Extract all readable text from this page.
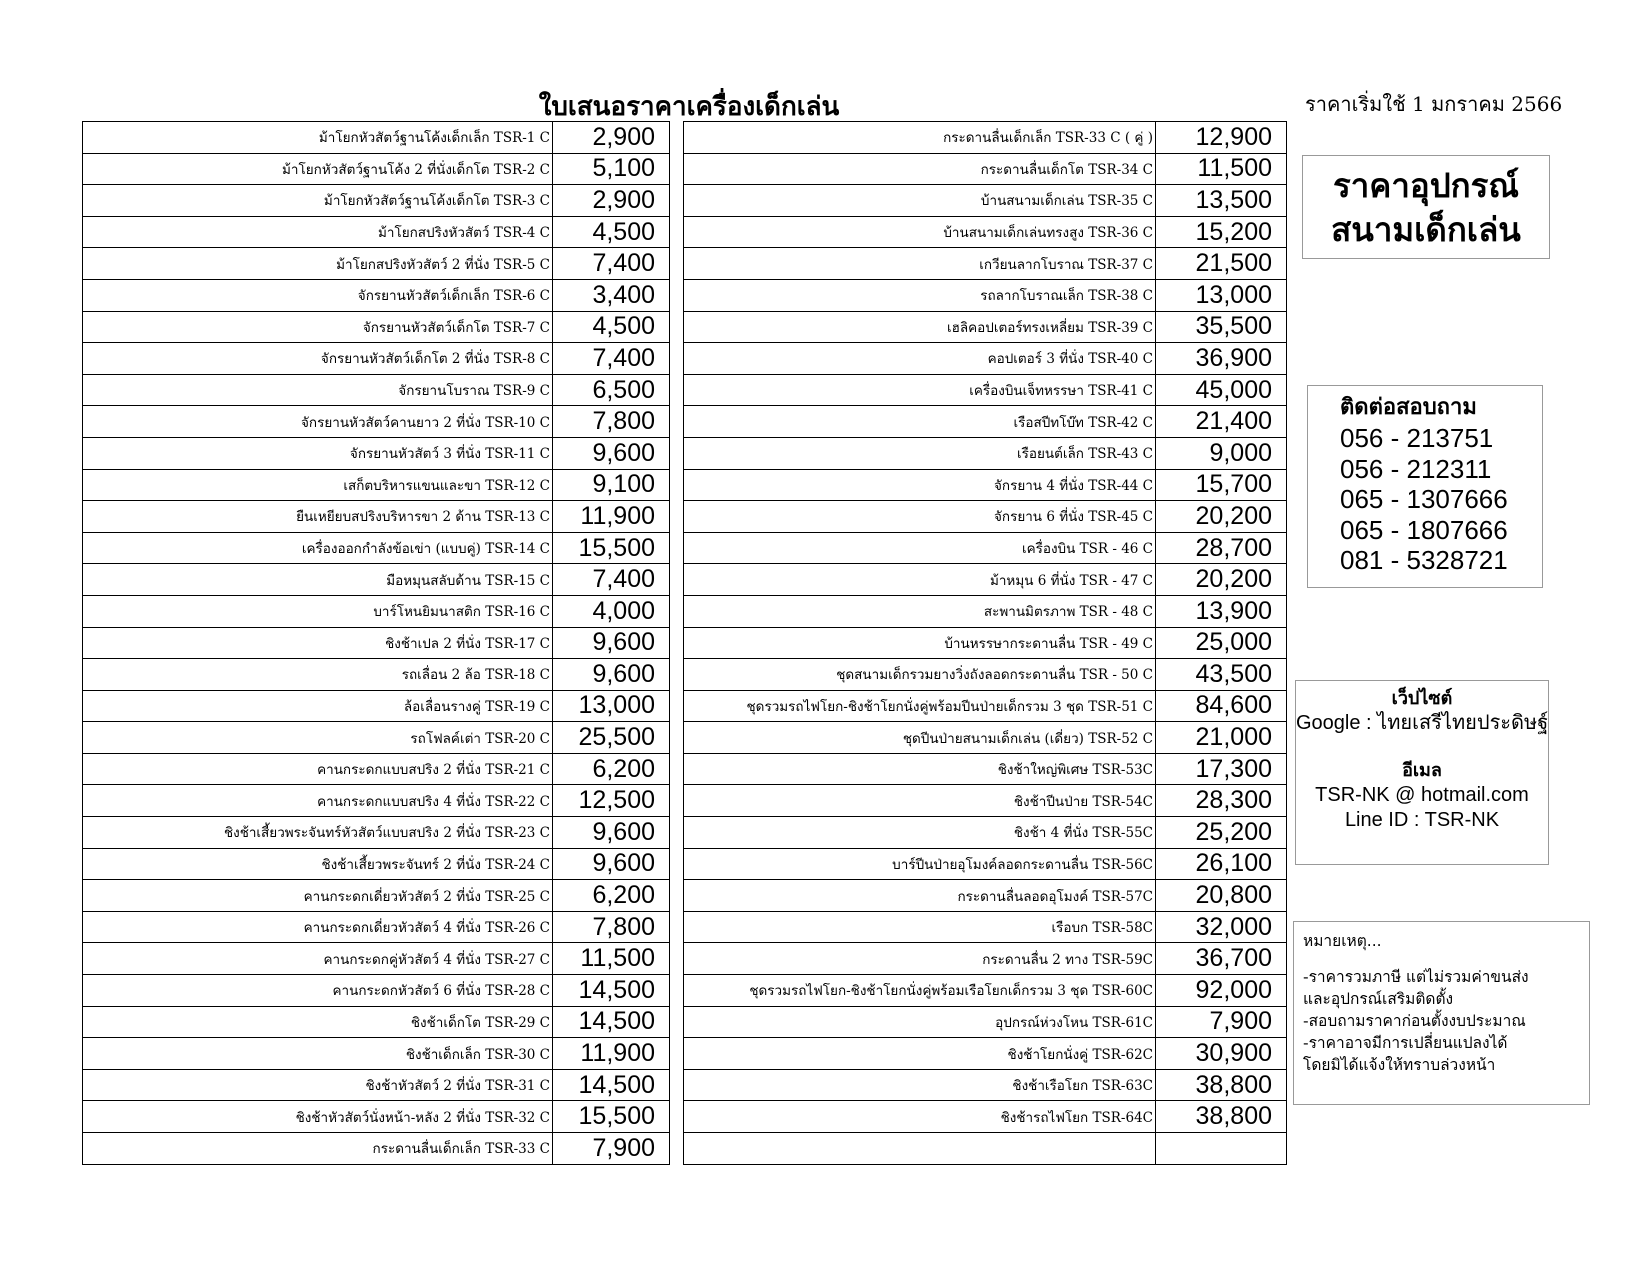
ใบเสนอราคาเครื่องเด็กเล่น	ราคาเริ่มใช้ 1 มกราคม 2566
ม้าโยกหัวสัตว์ฐานโค้งเด็กเล็ก TSR-1 C	2,900
ม้าโยกหัวสัตว์ฐานโค้ง 2 ที่นั่งเด็กโต TSR-2 C	5,100
ม้าโยกหัวสัตว์ฐานโค้งเด็กโต TSR-3 C	2,900
ม้าโยกสปริงหัวสัตว์ TSR-4 C	4,500
ม้าโยกสปริงหัวสัตว์ 2 ที่นั่ง TSR-5 C	7,400
จักรยานหัวสัตว์เด็กเล็ก TSR-6 C	3,400
จักรยานหัวสัตว์เด็กโต TSR-7 C	4,500
จักรยานหัวสัตว์เด็กโต 2 ที่นั่ง TSR-8 C	7,400
จักรยานโบราณ TSR-9 C	6,500
จักรยานหัวสัตว์คานยาว 2 ที่นั่ง TSR-10 C	7,800
จักรยานหัวสัตว์ 3 ที่นั่ง TSR-11 C	9,600
เสก็ตบริหารแขนและขา TSR-12 C	9,100
ยืนเหยียบสปริงบริหารขา 2 ด้าน TSR-13 C	11,900
เครื่องออกกำลังข้อเข่า (แบบคู่) TSR-14 C	15,500
มือหมุนสลับด้าน TSR-15 C	7,400
บาร์โหนยิมนาสติก TSR-16 C	4,000
ชิงช้าเปล 2 ที่นั่ง TSR-17 C	9,600
รถเลื่อน 2 ล้อ TSR-18 C	9,600
ล้อเลื่อนรางคู่ TSR-19 C	13,000
รถโฟลค์เต่า TSR-20 C	25,500
คานกระดกแบบสปริง 2 ที่นั่ง TSR-21 C	6,200
คานกระดกแบบสปริง 4 ที่นั่ง TSR-22 C	12,500
ชิงช้าเสี้ยวพระจันทร์หัวสัตว์แบบสปริง 2 ที่นั่ง TSR-23 C	9,600
ชิงช้าเสี้ยวพระจันทร์ 2 ที่นั่ง TSR-24 C	9,600
คานกระดกเดี่ยวหัวสัตว์ 2 ที่นั่ง TSR-25 C	6,200
คานกระดกเดี่ยวหัวสัตว์ 4 ที่นั่ง TSR-26 C	7,800
คานกระดกคู่หัวสัตว์ 4 ที่นั่ง TSR-27 C	11,500
คานกระดกหัวสัตว์ 6 ที่นั่ง TSR-28 C	14,500
ชิงช้าเด็กโต TSR-29 C	14,500
ชิงช้าเด็กเล็ก TSR-30 C	11,900
ชิงช้าหัวสัตว์ 2 ที่นั่ง TSR-31 C	14,500
ชิงช้าหัวสัตว์นั่งหน้า-หลัง 2 ที่นั่ง TSR-32 C	15,500
กระดานลื่นเด็กเล็ก TSR-33 C	7,900
กระดานลื่นเด็กเล็ก TSR-33 C ( คู่ )	12,900
กระดานลื่นเด็กโต TSR-34 C	11,500
บ้านสนามเด็กเล่น TSR-35 C	13,500
บ้านสนามเด็กเล่นทรงสูง TSR-36 C	15,200
เกวียนลากโบราณ TSR-37 C	21,500
รถลากโบราณเล็ก TSR-38 C	13,000
เฮลิคอปเตอร์ทรงเหลี่ยม TSR-39 C	35,500
คอปเตอร์ 3 ที่นั่ง TSR-40 C	36,900
เครื่องบินเจ็ทหรรษา TSR-41 C	45,000
เรือสปีทโบ๊ท TSR-42 C	21,400
เรือยนต์เล็ก TSR-43 C	9,000
จักรยาน 4 ที่นั่ง TSR-44 C	15,700
จักรยาน 6 ที่นั่ง TSR-45 C	20,200
เครื่องบิน TSR - 46 C	28,700
ม้าหมุน 6 ที่นั่ง TSR - 47 C	20,200
สะพานมิตรภาพ TSR - 48 C	13,900
บ้านหรรษากระดานลื่น TSR - 49 C	25,000
ชุดสนามเด็กรวมยางวิ่งถังลอดกระดานลื่น TSR - 50 C	43,500
ชุดรวมรถไฟโยก-ชิงช้าโยกนั่งคู่พร้อมปีนป่ายเด็กรวม 3 ชุด TSR-51 C	84,600
ชุดปีนป่ายสนามเด็กเล่น (เดี่ยว) TSR-52 C	21,000
ชิงช้าใหญ่พิเศษ TSR-53C	17,300
ชิงช้าปีนป่าย TSR-54C	28,300
ชิงช้า 4 ที่นั่ง TSR-55C	25,200
บาร์ปีนป่ายอุโมงค์ลอดกระดานลื่น TSR-56C	26,100
กระดานลื่นลอดอุโมงค์ TSR-57C	20,800
เรือบก TSR-58C	32,000
กระดานลื่น 2 ทาง TSR-59C	36,700
ชุดรวมรถไฟโยก-ชิงช้าโยกนั่งคู่พร้อมเรือโยกเด็กรวม 3 ชุด TSR-60C	92,000
อุปกรณ์ห่วงโหน TSR-61C	7,900
ชิงช้าโยกนั่งคู่ TSR-62C	30,900
ชิงช้าเรือโยก TSR-63C	38,800
ชิงช้ารถไฟโยก TSR-64C	38,800

ราคาอุปกรณ์
สนามเด็กเล่น
ติดต่อสอบถาม
056 - 213751
056 - 212311
065 - 1307666
065 - 1807666
081 - 5328721
เว็ปไซต์
Google : ไทยเสรีไทยประดิษฐ์
อีเมล
TSR-NK @ hotmail.com
Line ID : TSR-NK
หมายเหตุ...
-ราคารวมภาษี แต่ไม่รวมค่าขนส่ง
และอุปกรณ์เสริมติดตั้ง
-สอบถามราคาก่อนตั้งงบประมาณ
-ราคาอาจมีการเปลี่ยนแปลงได้
โดยมิได้แจ้งให้ทราบล่วงหน้า
